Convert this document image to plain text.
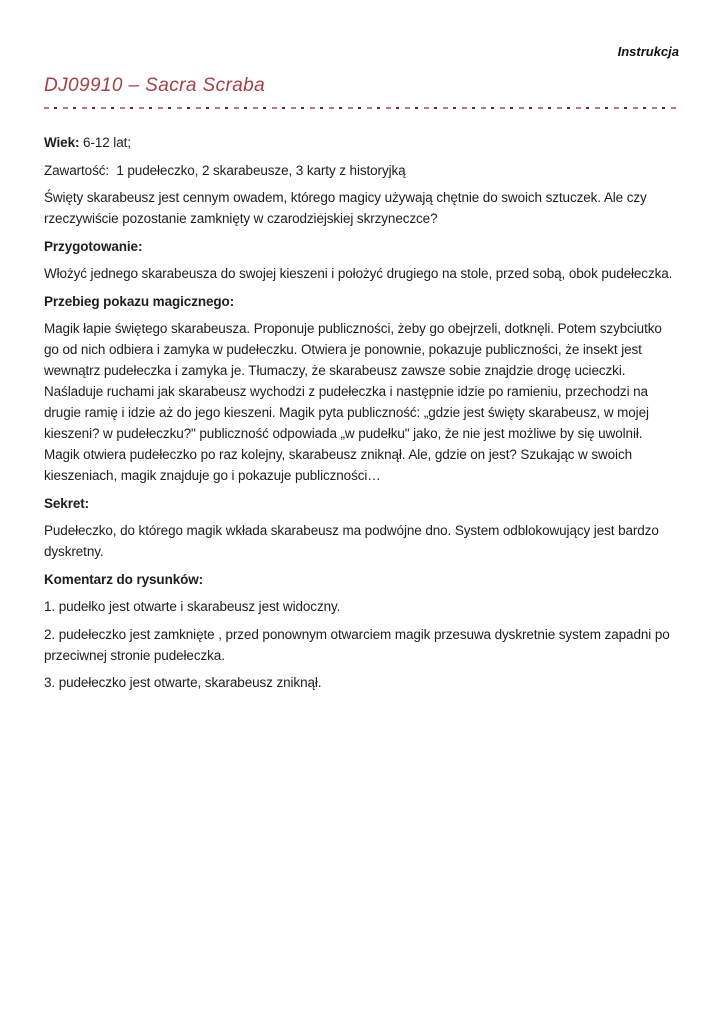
Instrukcja
DJ09910 – Sacra Scraba

Wiek: 6-12 lat;

Zawartość:  1 pudełeczko, 2 skarabeusze, 3 karty z historyjką

Święty skarabeusz jest cennym owadem, którego magicy używają chętnie do swoich sztuczek. Ale czy rzeczywiście pozostanie zamknięty w czarodziejskiej skrzyneczce?

Przygotowanie:

Włożyć jednego skarabeusza do swojej kieszeni i położyć drugiego na stole, przed sobą, obok pudełeczka.

Przebieg pokazu magicznego:

Magik łapie świętego skarabeusza. Proponuje publiczności, żeby go obejrzeli, dotknęli. Potem szybciutko go od nich odbiera i zamyka w pudełeczku. Otwiera je ponownie, pokazuje publiczności, że insekt jest wewnątrz pudełeczka i zamyka je. Tłumaczy, że skarabeusz zawsze sobie znajdzie drogę ucieczki. Naśladuje ruchami jak skarabeusz wychodzi z pudełeczka i następnie idzie po ramieniu, przechodzi na drugie ramię i idzie aż do jego kieszeni. Magik pyta publiczność: „gdzie jest święty skarabeusz, w mojej kieszeni? w pudełeczku?" publiczność odpowiada „w pudełku" jako, że nie jest możliwe by się uwolnił. Magik otwiera pudełeczko po raz kolejny, skarabeusz zniknął. Ale, gdzie on jest? Szukając w swoich kieszeniach, magik znajduje go i pokazuje publiczności…

Sekret:

Pudełeczko, do którego magik wkłada skarabeusz ma podwójne dno. System odblokowujący jest bardzo dyskretny.

Komentarz do rysunków:

1. pudełko jest otwarte i skarabeusz jest widoczny.

2. pudełeczko jest zamknięte , przed ponownym otwarciem magik przesuwa dyskretnie system zapadni po przeciwnej stronie pudełeczka.

3. pudełeczko jest otwarte, skarabeusz zniknął.
